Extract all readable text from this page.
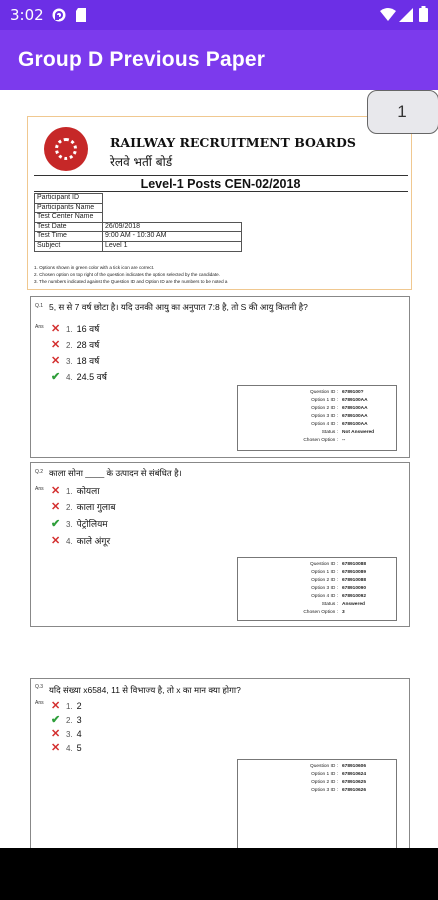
3:02
Group D Previous Paper
RAILWAY RECRUITMENT BOARDS
रेलवे भर्ती बोर्ड
Level-1 Posts CEN-02/2018
Participant ID	
Participants Name	
Test Center Name	
Test Date	26/09/2018
Test Time	9:00 AM - 10:30 AM
Subject	Level 1
1. Options shown in green color with a tick icon are correct.
2. Chosen option on top right of the question indicates the option selected by the candidate.
3. The numbers indicated against the Question ID and Option ID are the numbers to be noted a
Q.1 5, स से 7 वर्ष छोटा है। यदि उनकी आयु का अनुपात 7:8 है, तो S की आयु कितनी है?
Ans ✕ 1. 16 वर्ष
✕ 2. 28 वर्ष
✕ 3. 18 वर्ष
✔ 4. 24.5 वर्ष
Question ID : 6789100?
Option 1 ID : 6789100AA
Option 2 ID : 6789100AA
Option 3 ID : 6789100AA
Option 4 ID : 6789100AA
Status : Not Answered
Chosen Option : --
Q.2 काला सोना ____ के उत्पादन से संबंधित है।
Ans ✕ 1. कोयला
✕ 2. काला गुलाब
✔ 3. पेट्रोलियम
✕ 4. काले अंगूर
Question ID : 678910088
Option 1 ID : 678910089
Option 2 ID : 678910088
Option 3 ID : 678910090
Option 4 ID : 678910092
Status : Answered
Chosen Option : 3
Q.3 यदि संख्या x6584, 11 से विभाज्य है, तो x का मान क्या होगा?
Ans ✕ 1. 2
✔ 2. 3
✕ 3. 4
✕ 4. 5
Question ID : 678910606
Option 1 ID : 678910624
Option 2 ID : 678910625
Option 3 ID : 678910626
1
